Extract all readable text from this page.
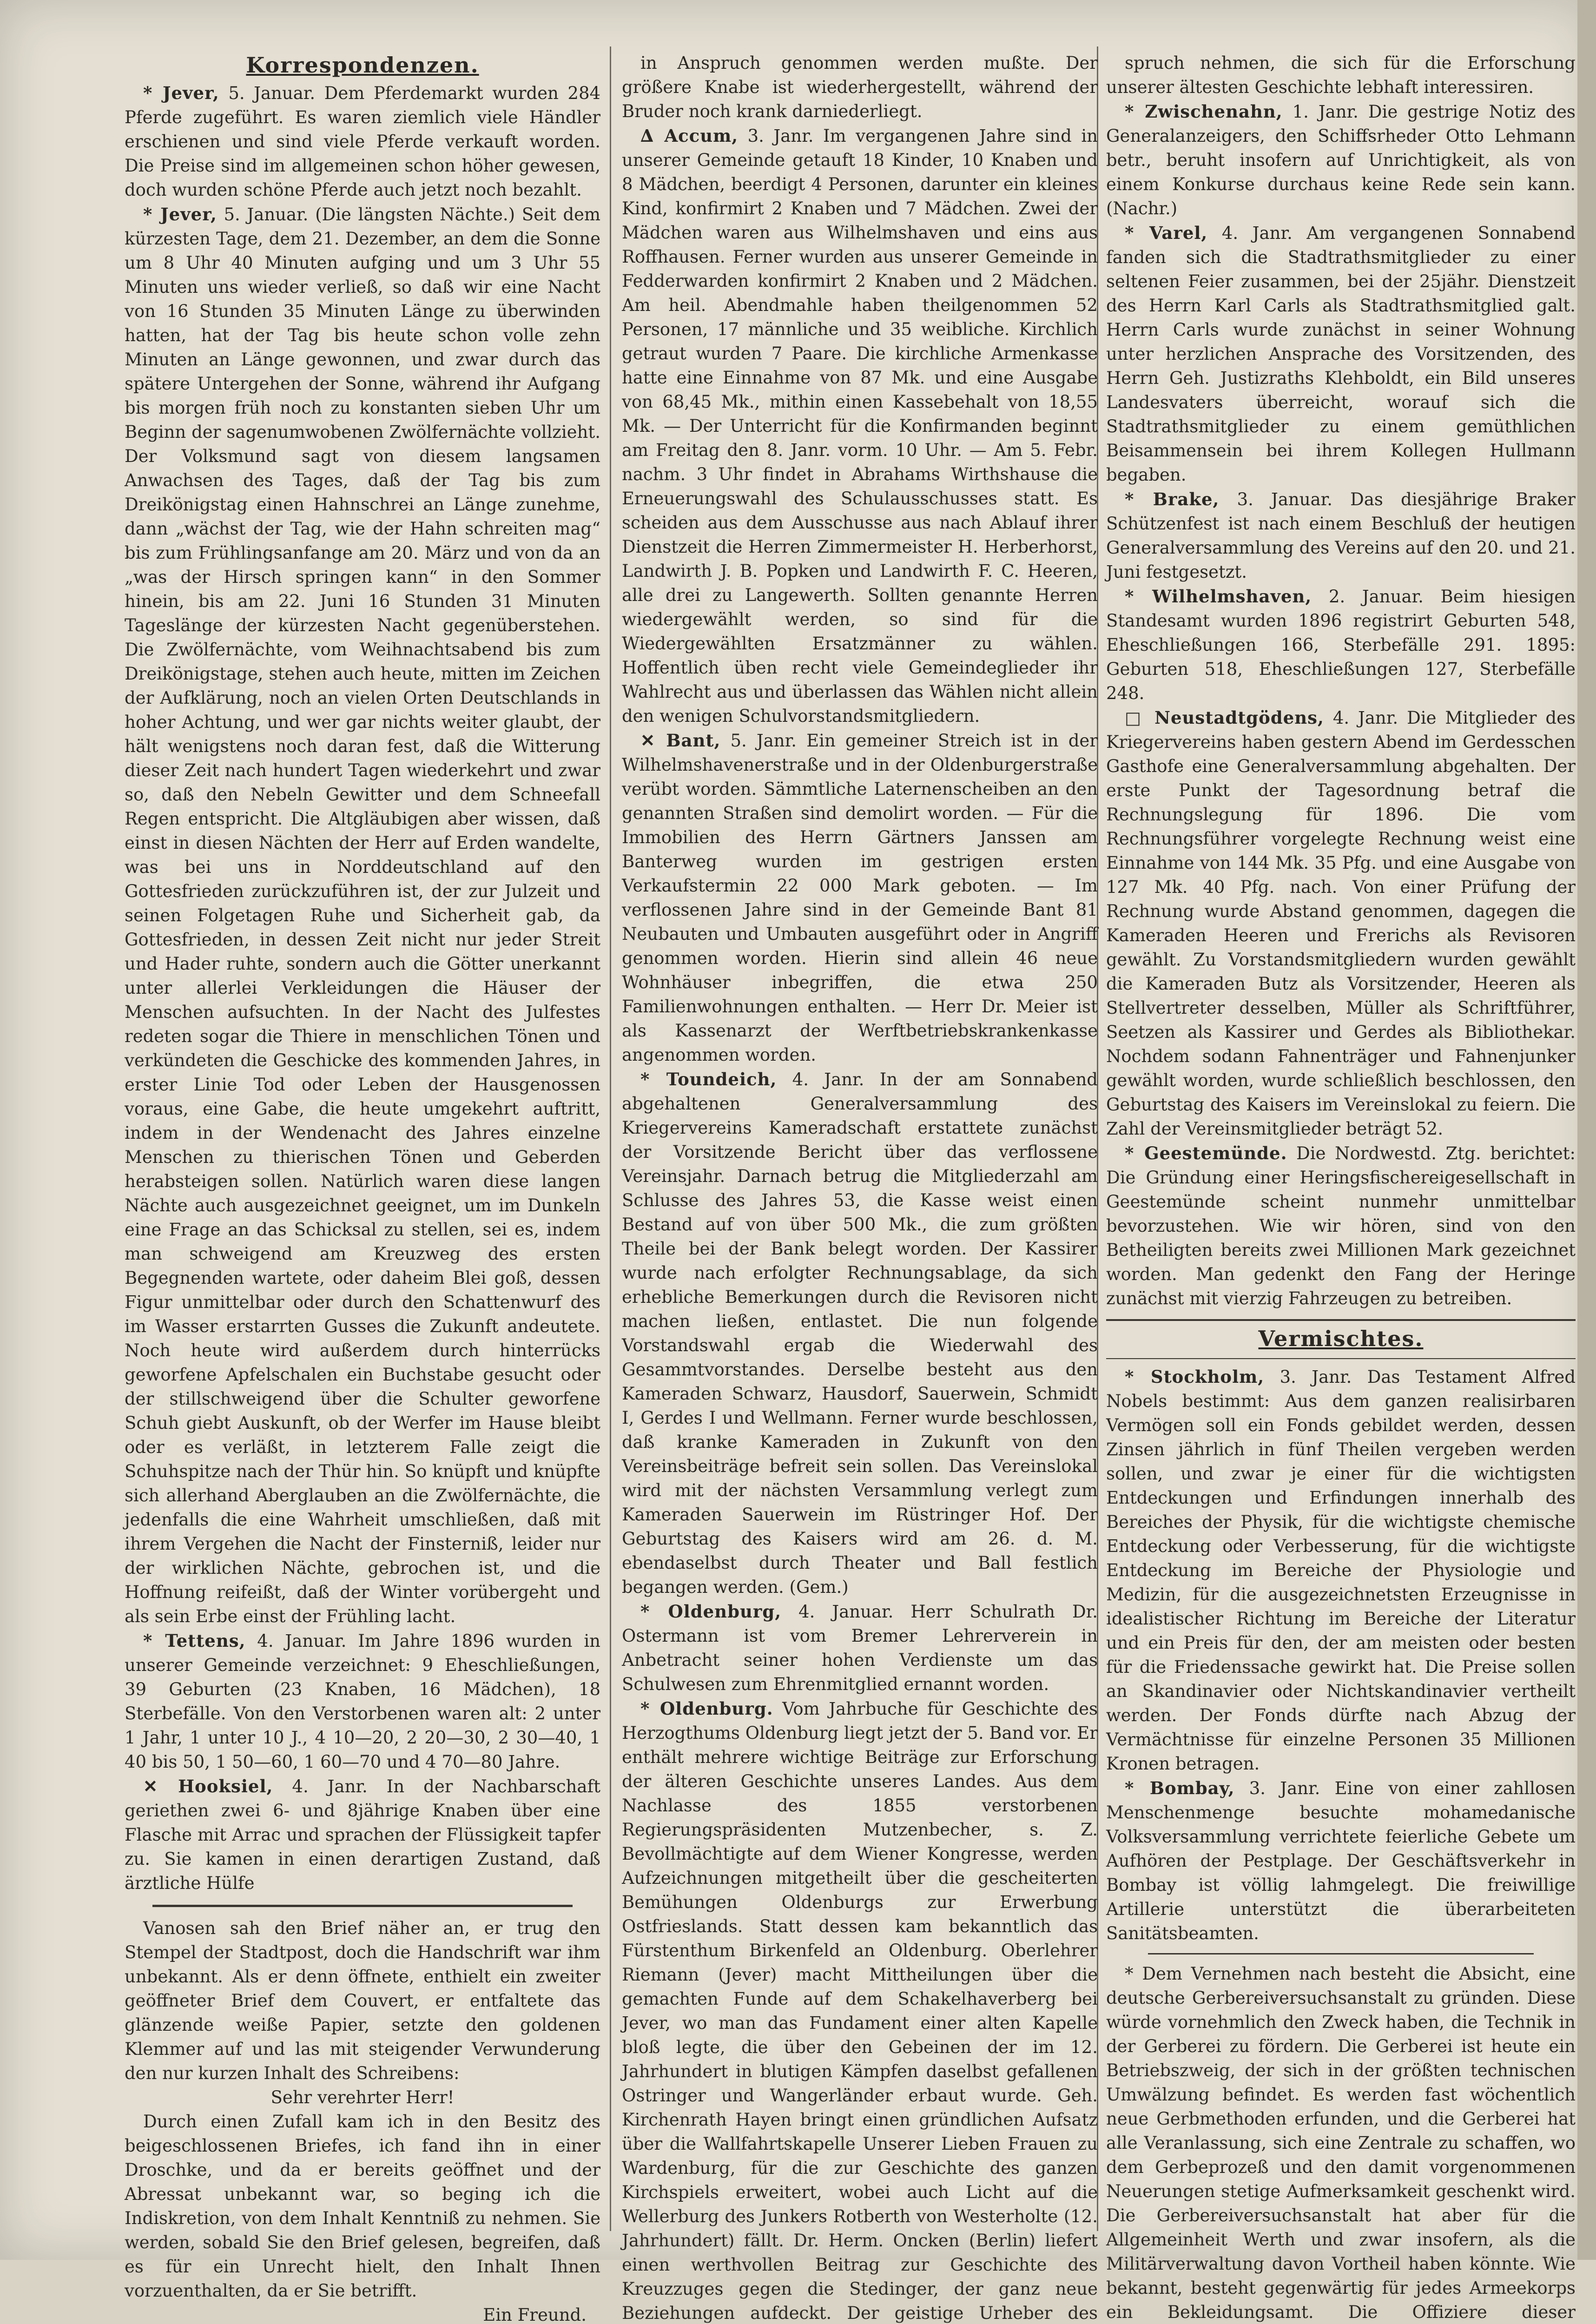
Korrespondenzen.

* Jever, 5. Januar. Dem Pferdemarkt wurden 284 Pferde zugeführt. Es waren ziemlich viele Händler erschienen und sind viele Pferde verkauft worden. Die Preise sind im allgemeinen schon höher gewesen, doch wurden schöne Pferde auch jetzt noch bezahlt.

* Jever, 5. Januar. (Die längsten Nächte.) Seit dem kürzesten Tage, dem 21. Dezember, an dem die Sonne um 8 Uhr 40 Minuten aufging und um 3 Uhr 55 Minuten uns wieder verließ, so daß wir eine Nacht von 16 Stunden 35 Minuten Länge zu überwinden hatten, hat der Tag bis heute schon volle zehn Minuten an Länge gewonnen, und zwar durch das spätere Untergehen der Sonne, während ihr Aufgang bis morgen früh noch zu konstanten sieben Uhr um Beginn der sagenumwobenen Zwölfernächte vollzieht. Der Volksmund sagt von diesem langsamen Anwachsen des Tages, daß der Tag bis zum Dreikönigstag einen Hahnschrei an Länge zunehme, dann „wächst der Tag, wie der Hahn schreiten mag“ bis zum Frühlingsanfange am 20. März und von da an „was der Hirsch springen kann“ in den Sommer hinein, bis am 22. Juni 16 Stunden 31 Minuten Tageslänge der kürzesten Nacht gegenüberstehen. Die Zwölfernächte, vom Weihnachtsabend bis zum Dreikönigstage, stehen auch heute, mitten im Zeichen der Aufklärung, noch an vielen Orten Deutschlands in hoher Achtung, und wer gar nichts weiter glaubt, der hält wenigstens noch daran fest, daß die Witterung dieser Zeit nach hundert Tagen wiederkehrt und zwar so, daß den Nebeln Gewitter und dem Schneefall Regen entspricht. Die Altgläubigen aber wissen, daß einst in diesen Nächten der Herr auf Erden wandelte, was bei uns in Norddeutschland auf den Gottesfrieden zurückzuführen ist, der zur Julzeit und seinen Folgetagen Ruhe und Sicherheit gab, da Gottesfrieden, in dessen Zeit nicht nur jeder Streit und Hader ruhte, sondern auch die Götter unerkannt unter allerlei Verkleidungen die Häuser der Menschen aufsuchten. In der Nacht des Julfestes redeten sogar die Thiere in menschlichen Tönen und verkündeten die Geschicke des kommenden Jahres, in erster Linie Tod oder Leben der Hausgenossen voraus, eine Gabe, die heute umgekehrt auftritt, indem in der Wendenacht des Jahres einzelne Menschen zu thierischen Tönen und Geberden herabsteigen sollen. Natürlich waren diese langen Nächte auch ausgezeichnet geeignet, um im Dunkeln eine Frage an das Schicksal zu stellen, sei es, indem man schweigend am Kreuzweg des ersten Begegnenden wartete, oder daheim Blei goß, dessen Figur unmittelbar oder durch den Schattenwurf des im Wasser erstarrten Gusses die Zukunft andeutete. Noch heute wird außerdem durch hinterrücks geworfene Apfelschalen ein Buchstabe gesucht oder der stillschweigend über die Schulter geworfene Schuh giebt Auskunft, ob der Werfer im Hause bleibt oder es verläßt, in letzterem Falle zeigt die Schuhspitze nach der Thür hin. So knüpft und knüpfte sich allerhand Aberglauben an die Zwölfernächte, die jedenfalls die eine Wahrheit umschließen, daß mit ihrem Vergehen die Nacht der Finsterniß, leider nur der wirklichen Nächte, gebrochen ist, und die Hoffnung reifeißt, daß der Winter vorübergeht und als sein Erbe einst der Frühling lacht.

* Tettens, 4. Januar. Im Jahre 1896 wurden in unserer Gemeinde verzeichnet: 9 Eheschließungen, 39 Geburten (23 Knaben, 16 Mädchen), 18 Sterbefälle. Von den Verstorbenen waren alt: 2 unter 1 Jahr, 1 unter 10 J., 4 10—20, 2 20—30, 2 30—40, 1 40 bis 50, 1 50—60, 1 60—70 und 4 70—80 Jahre.

✕ Hooksiel, 4. Janr. In der Nachbarschaft geriethen zwei 6- und 8jährige Knaben über eine Flasche mit Arrac und sprachen der Flüssigkeit tapfer zu. Sie kamen in einen derartigen Zustand, daß ärztliche Hülfe

Vanosen sah den Brief näher an, er trug den Stempel der Stadtpost, doch die Handschrift war ihm unbekannt. Als er denn öffnete, enthielt ein zweiter geöffneter Brief dem Couvert, er entfaltete das glänzende weiße Papier, setzte den goldenen Klemmer auf und las mit steigender Verwunderung den nur kurzen Inhalt des Schreibens:

Sehr verehrter Herr!

Durch einen Zufall kam ich in den Besitz des beigeschlossenen Briefes, ich fand ihn in einer Droschke, und da er bereits geöffnet und der Abressat unbekannt war, so beging ich die Indiskretion, von dem Inhalt Kenntniß zu nehmen. Sie werden, sobald Sie den Brief gelesen, begreifen, daß es für ein Unrecht hielt, den Inhalt Ihnen vorzuenthalten, da er Sie betrifft.

Ein Freund.

in Anspruch genommen werden mußte. Der größere Knabe ist wiederhergestellt, während der Bruder noch krank darniederliegt.

∆ Accum, 3. Janr. Im vergangenen Jahre sind in unserer Gemeinde getauft 18 Kinder, 10 Knaben und 8 Mädchen, beerdigt 4 Personen, darunter ein kleines Kind, konfirmirt 2 Knaben und 7 Mädchen. Zwei der Mädchen waren aus Wilhelmshaven und eins aus Roffhausen. Ferner wurden aus unserer Gemeinde in Fedderwarden konfirmirt 2 Knaben und 2 Mädchen. Am heil. Abendmahle haben theilgenommen 52 Personen, 17 männliche und 35 weibliche. Kirchlich getraut wurden 7 Paare. Die kirchliche Armenkasse hatte eine Einnahme von 87 Mk. und eine Ausgabe von 68,45 Mk., mithin einen Kassebehalt von 18,55 Mk. — Der Unterricht für die Konfirmanden beginnt am Freitag den 8. Janr. vorm. 10 Uhr. — Am 5. Febr. nachm. 3 Uhr findet in Abrahams Wirthshause die Erneuerungswahl des Schulausschusses statt. Es scheiden aus dem Ausschusse aus nach Ablauf ihrer Dienstzeit die Herren Zimmermeister H. Herberhorst, Landwirth J. B. Popken und Landwirth F. C. Heeren, alle drei zu Langewerth. Sollten genannte Herren wiedergewählt werden, so sind für die Wiedergewählten Ersatzmänner zu wählen. Hoffentlich üben recht viele Gemeindeglieder ihr Wahlrecht aus und überlassen das Wählen nicht allein den wenigen Schulvorstandsmitgliedern.

✕ Bant, 5. Janr. Ein gemeiner Streich ist in der Wilhelmshavenerstraße und in der Oldenburgerstraße verübt worden. Sämmtliche Laternenscheiben an den genannten Straßen sind demolirt worden. — Für die Immobilien des Herrn Gärtners Janssen am Banterweg wurden im gestrigen ersten Verkaufstermin 22 000 Mark geboten. — Im verflossenen Jahre sind in der Gemeinde Bant 81 Neubauten und Umbauten ausgeführt oder in Angriff genommen worden. Hierin sind allein 46 neue Wohnhäuser inbegriffen, die etwa 250 Familienwohnungen enthalten. — Herr Dr. Meier ist als Kassenarzt der Werftbetriebskrankenkasse angenommen worden.

* Toundeich, 4. Janr. In der am Sonnabend abgehaltenen Generalversammlung des Kriegervereins Kameradschaft erstattete zunächst der Vorsitzende Bericht über das verflossene Vereinsjahr. Darnach betrug die Mitgliederzahl am Schlusse des Jahres 53, die Kasse weist einen Bestand auf von über 500 Mk., die zum größten Theile bei der Bank belegt worden. Der Kassirer wurde nach erfolgter Rechnungsablage, da sich erhebliche Bemerkungen durch die Revisoren nicht machen ließen, entlastet. Die nun folgende Vorstandswahl ergab die Wiederwahl des Gesammtvorstandes. Derselbe besteht aus den Kameraden Schwarz, Hausdorf, Sauerwein, Schmidt I, Gerdes I und Wellmann. Ferner wurde beschlossen, daß kranke Kameraden in Zukunft von den Vereinsbeiträge befreit sein sollen. Das Vereinslokal wird mit der nächsten Versammlung verlegt zum Kameraden Sauerwein im Rüstringer Hof. Der Geburtstag des Kaisers wird am 26. d. M. ebendaselbst durch Theater und Ball festlich begangen werden. (Gem.)

* Oldenburg, 4. Januar. Herr Schulrath Dr. Ostermann ist vom Bremer Lehrerverein in Anbetracht seiner hohen Verdienste um das Schulwesen zum Ehrenmitglied ernannt worden.

* Oldenburg. Vom Jahrbuche für Geschichte des Herzogthums Oldenburg liegt jetzt der 5. Band vor. Er enthält mehrere wichtige Beiträge zur Erforschung der älteren Geschichte unseres Landes. Aus dem Nachlasse des 1855 verstorbenen Regierungspräsidenten Mutzenbecher, s. Z. Bevollmächtigte auf dem Wiener Kongresse, werden Aufzeichnungen mitgetheilt über die gescheiterten Bemühungen Oldenburgs zur Erwerbung Ostfrieslands. Statt dessen kam bekanntlich das Fürstenthum Birkenfeld an Oldenburg. Oberlehrer Riemann (Jever) macht Mittheilungen über die gemachten Funde auf dem Schakelhaverberg bei Jever, wo man das Fundament einer alten Kapelle bloß legte, die über den Gebeinen der im 12. Jahrhundert in blutigen Kämpfen daselbst gefallenen Ostringer und Wangerländer erbaut wurde. Geh. Kirchenrath Hayen bringt einen gründlichen Aufsatz über die Wallfahrtskapelle Unserer Lieben Frauen zu Wardenburg, für die zur Geschichte des ganzen Kirchspiels erweitert, wobei auch Licht auf die Wellerburg des Junkers Rotberth von Westerholte (12. Jahrhundert) fällt. Dr. Herm. Oncken (Berlin) liefert einen werthvollen Beitrag zur Geschichte des Kreuzzuges gegen die Stedinger, der ganz neue Beziehungen aufdeckt. Der geistige Urheber des

spruch nehmen, die sich für die Erforschung unserer ältesten Geschichte lebhaft interessiren.

* Zwischenahn, 1. Janr. Die gestrige Notiz des Generalanzeigers, den Schiffsrheder Otto Lehmann betr., beruht insofern auf Unrichtigkeit, als von einem Konkurse durchaus keine Rede sein kann. (Nachr.)

* Varel, 4. Janr. Am vergangenen Sonnabend fanden sich die Stadtrathsmitglieder zu einer seltenen Feier zusammen, bei der 25jähr. Dienstzeit des Herrn Karl Carls als Stadtrathsmitglied galt. Herrn Carls wurde zunächst in seiner Wohnung unter herzlichen Ansprache des Vorsitzenden, des Herrn Geh. Justizraths Klehboldt, ein Bild unseres Landesvaters überreicht, worauf sich die Stadtrathsmitglieder zu einem gemüthlichen Beisammensein bei ihrem Kollegen Hullmann begaben.

* Brake, 3. Januar. Das diesjährige Braker Schützenfest ist nach einem Beschluß der heutigen Generalversammlung des Vereins auf den 20. und 21. Juni festgesetzt.

* Wilhelmshaven, 2. Januar. Beim hiesigen Standesamt wurden 1896 registrirt Geburten 548, Eheschließungen 166, Sterbefälle 291. 1895: Geburten 518, Eheschließungen 127, Sterbefälle 248.

□ Neustadtgödens, 4. Janr. Die Mitglieder des Kriegervereins haben gestern Abend im Gerdesschen Gasthofe eine Generalversammlung abgehalten. Der erste Punkt der Tagesordnung betraf die Rechnungslegung für 1896. Die vom Rechnungsführer vorgelegte Rechnung weist eine Einnahme von 144 Mk. 35 Pfg. und eine Ausgabe von 127 Mk. 40 Pfg. nach. Von einer Prüfung der Rechnung wurde Abstand genommen, dagegen die Kameraden Heeren und Frerichs als Revisoren gewählt. Zu Vorstandsmitgliedern wurden gewählt die Kameraden Butz als Vorsitzender, Heeren als Stellvertreter desselben, Müller als Schriftführer, Seetzen als Kassirer und Gerdes als Bibliothekar. Nochdem sodann Fahnenträger und Fahnenjunker gewählt worden, wurde schließlich beschlossen, den Geburtstag des Kaisers im Vereinslokal zu feiern. Die Zahl der Vereinsmitglieder beträgt 52.

* Geestemünde. Die Nordwestd. Ztg. berichtet: Die Gründung einer Heringsfischereigesellschaft in Geestemünde scheint nunmehr unmittelbar bevorzustehen. Wie wir hören, sind von den Betheiligten bereits zwei Millionen Mark gezeichnet worden. Man gedenkt den Fang der Heringe zunächst mit vierzig Fahrzeugen zu betreiben.

Vermischtes.

* Stockholm, 3. Janr. Das Testament Alfred Nobels bestimmt: Aus dem ganzen realisirbaren Vermögen soll ein Fonds gebildet werden, dessen Zinsen jährlich in fünf Theilen vergeben werden sollen, und zwar je einer für die wichtigsten Entdeckungen und Erfindungen innerhalb des Bereiches der Physik, für die wichtigste chemische Entdeckung oder Verbesserung, für die wichtigste Entdeckung im Bereiche der Physiologie und Medizin, für die ausgezeichnetsten Erzeugnisse in idealistischer Richtung im Bereiche der Literatur und ein Preis für den, der am meisten oder besten für die Friedenssache gewirkt hat. Die Preise sollen an Skandinavier oder Nichtskandinavier vertheilt werden. Der Fonds dürfte nach Abzug der Vermächtnisse für einzelne Personen 35 Millionen Kronen betragen.

* Bombay, 3. Janr. Eine von einer zahllosen Menschenmenge besuchte mohamedanische Volksversammlung verrichtete feierliche Gebete um Aufhören der Pestplage. Der Geschäftsverkehr in Bombay ist völlig lahmgelegt. Die freiwillige Artillerie unterstützt die überarbeiteten Sanitätsbeamten.

* Dem Vernehmen nach besteht die Absicht, eine deutsche Gerbereiversuchsanstalt zu gründen. Diese würde vornehmlich den Zweck haben, die Technik in der Gerberei zu fördern. Die Gerberei ist heute ein Betriebszweig, der sich in der größten technischen Umwälzung befindet. Es werden fast wöchentlich neue Gerbmethoden erfunden, und die Gerberei hat alle Veranlassung, sich eine Zentrale zu schaffen, wo dem Gerbeprozeß und den damit vorgenommenen Neuerungen stetige Aufmerksamkeit geschenkt wird. Die Gerbereiversuchsanstalt hat aber für die Allgemeinheit Werth und zwar insofern, als die Militärverwaltung davon Vortheil haben könnte. Wie bekannt, besteht gegenwärtig für jedes Armeekorps ein Bekleidungsamt. Die Offiziere dieser
